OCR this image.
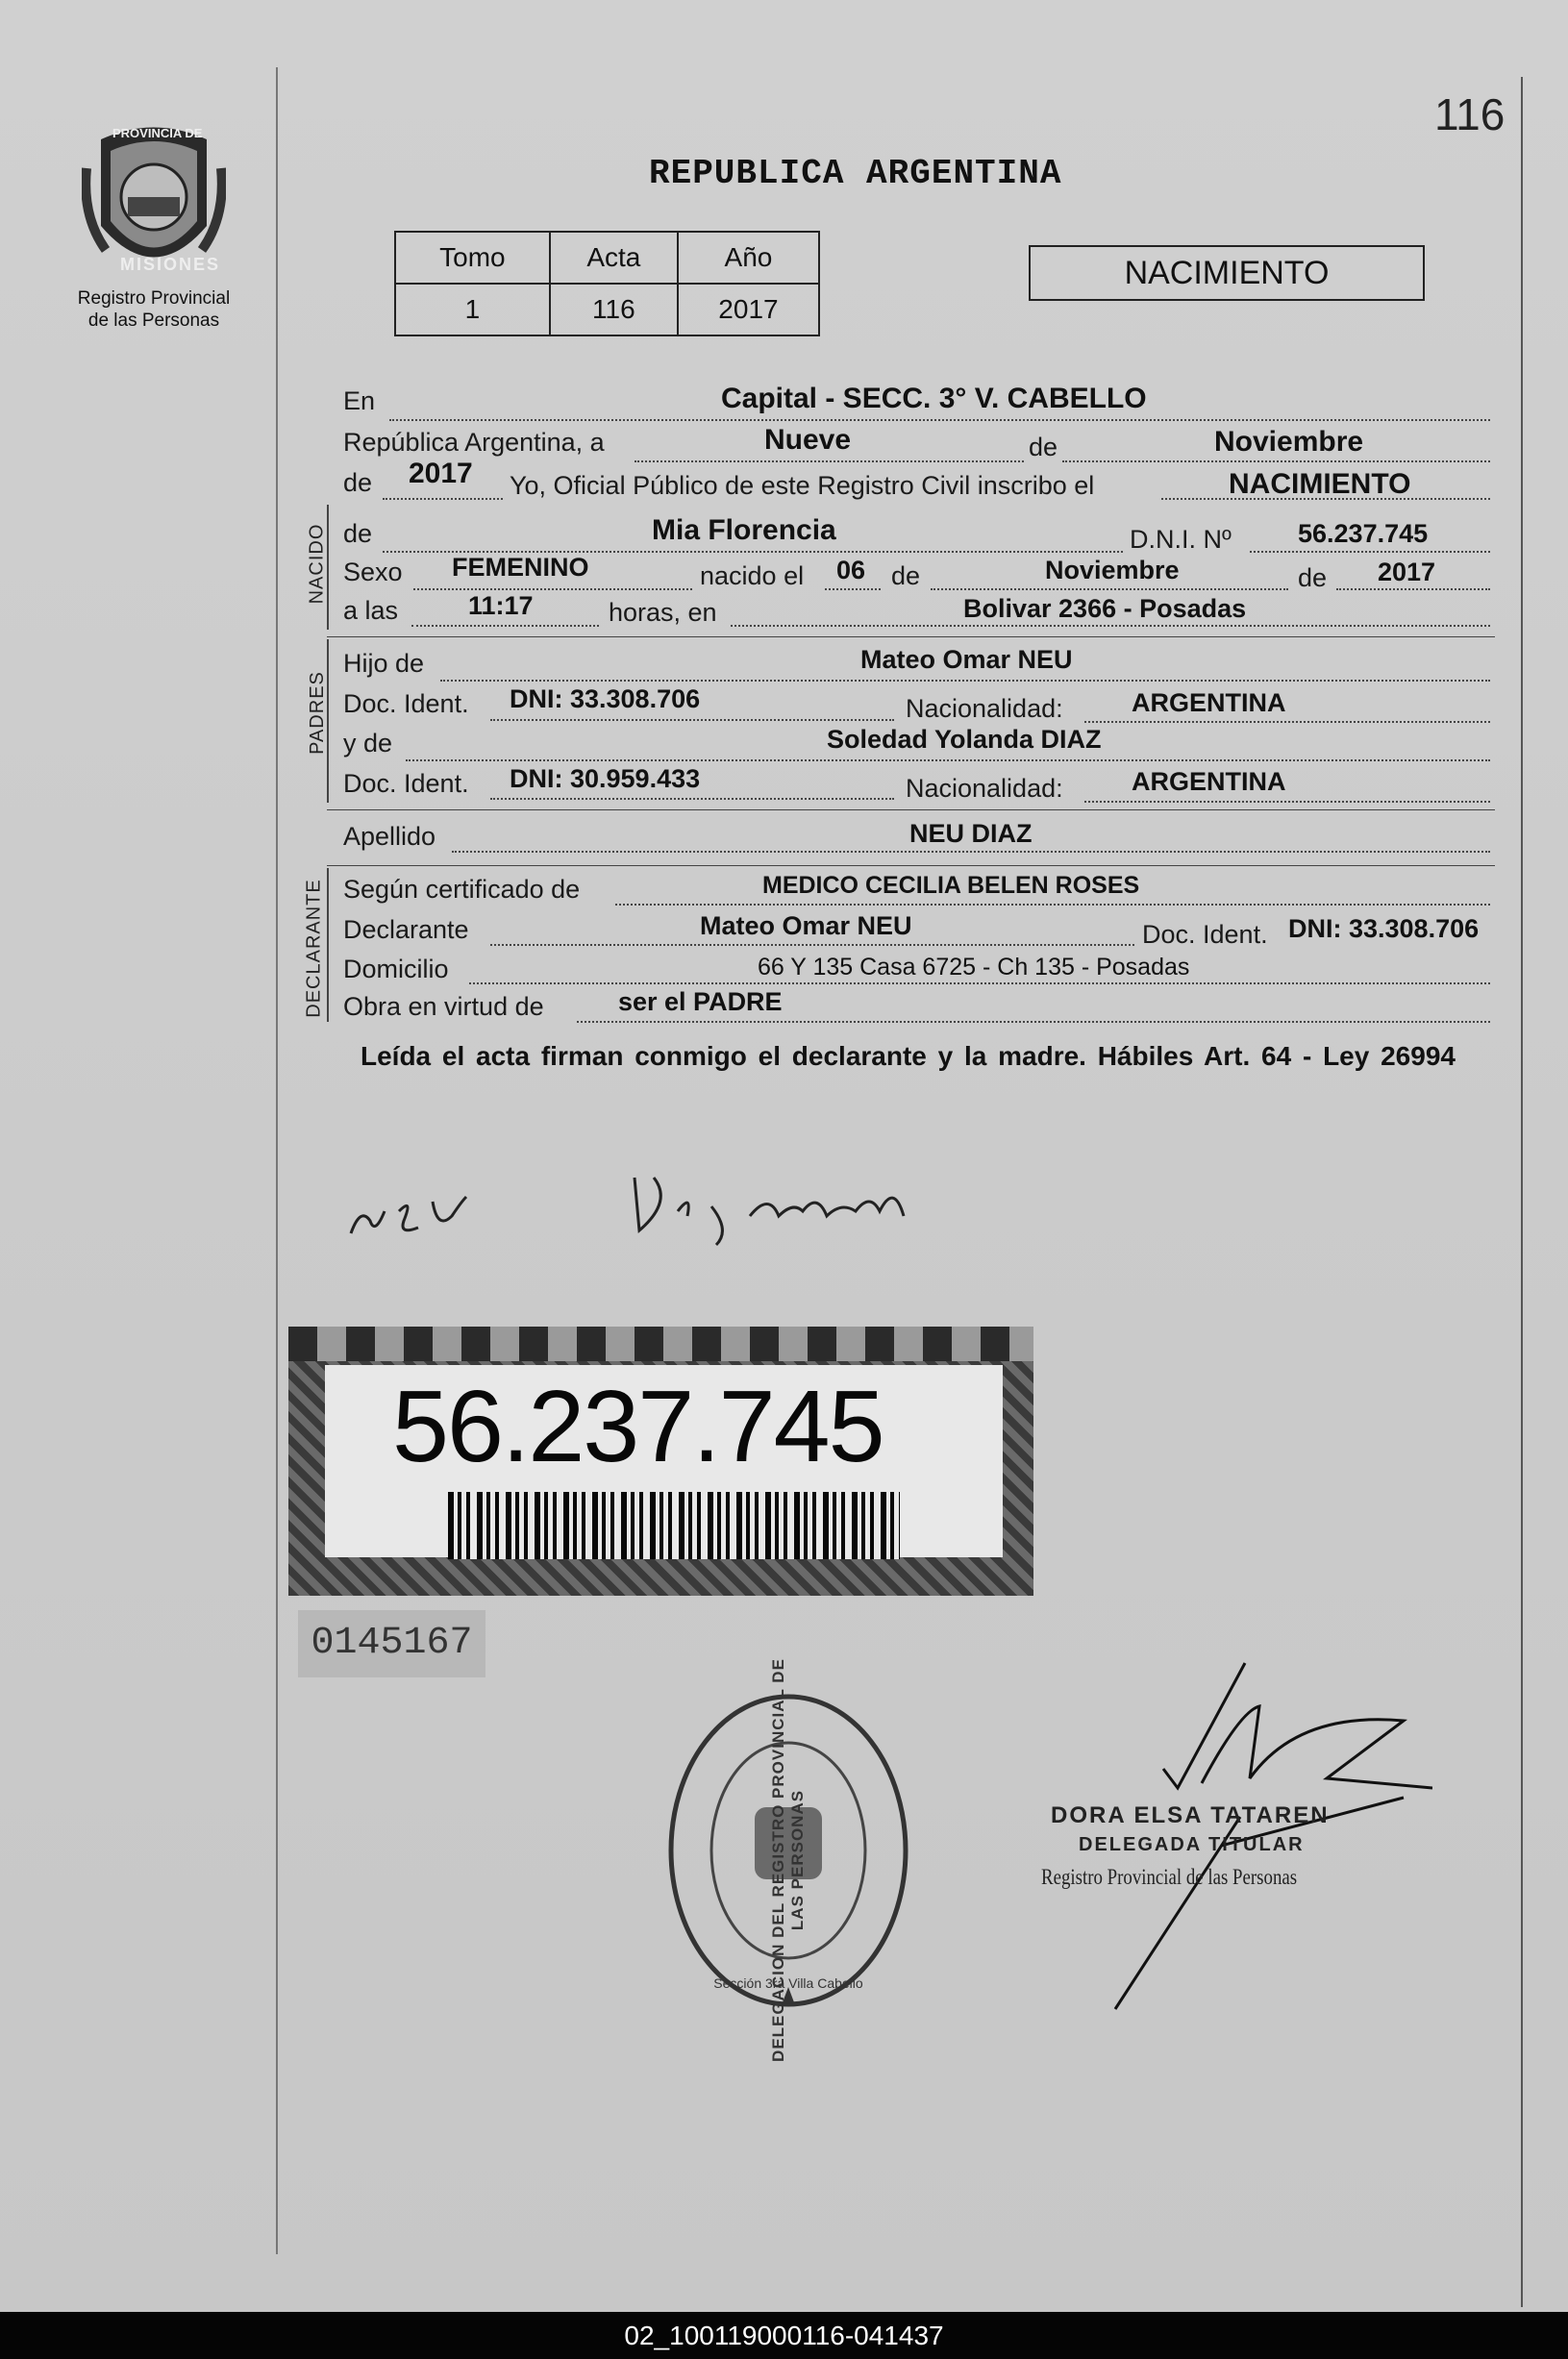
116
PROVINCIA DE
MISIONES
Registro Provincial
de las Personas
REPUBLICA ARGENTINA
Tomo	Acta	Año
1	116	2017
NACIMIENTO
En	Capital - SECC. 3° V. CABELLO
República Argentina, a	Nueve	de	Noviembre
de 2017 Yo, Oficial Público de este Registro Civil inscribo el	NACIMIENTO
NACIDO de	Mia Florencia	D.N.I. Nº	56.237.745
Sexo FEMENINO	nacido el 06 de	Noviembre	de 2017
a las	11:17	horas, en	Bolivar 2366 - Posadas
PADRES
Hijo de	Mateo Omar NEU
Doc. Ident. DNI: 33.308.706	Nacionalidad:	ARGENTINA
y de	Soledad Yolanda DIAZ
Doc. Ident. DNI: 30.959.433	Nacionalidad:	ARGENTINA
Apellido	NEU DIAZ
DECLARANTE Según certificado de	MEDICO CECILIA BELEN ROSES
Declarante	Mateo Omar NEU	Doc. Ident. DNI: 33.308.706
Domicilio	66 Y 135 Casa 6725 - Ch 135 - Posadas
Obra en virtud de	ser el PADRE
Leída el acta firman conmigo el declarante y la madre. Hábiles Art. 64 - Ley 26994
56.237.745
0145167
DELEGACION DEL REGISTRO PROVINCIAL DE LAS PERSONAS
Sección 3ra Villa Cabello
DORA ELSA TATAREN
DELEGADA TITULAR
Registro Provincial de las Personas
02_100119000116-041437
